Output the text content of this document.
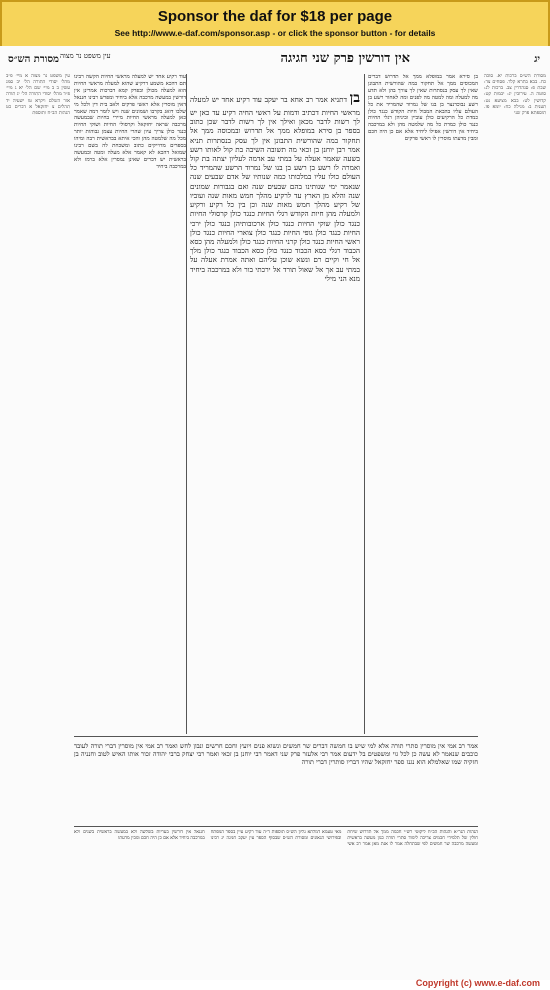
Sponsor the daf for $18 per page
See http://www.e-daf.com/sponsor.asp - or click the sponsor button - for details
יג
אין דורשין פרק שני חגיגה
עין משפט נר מצוה
מסורת הש״ס

בן דתניא אמר רב אחא בר יעקב עוד רקיע אחד יש למעלה מראשי החיות דכתיב ודמות על ראשי החיה רקיע עד כאן יש לך רשות לדבר מכאן ואילך אין לך רשות לדבר שכן כתוב בספר בן סירא במופלא ממך אל תדרוש ובמכוסה ממך אל תחקור במה שהורשית התבונן אין לך עסק בנסתרות תניא אמר רבן יוחנן בן זכאי מה תשובה השיבה בת קול לאותו רשע בשעה שאמר אעלה על במתי עב אדמה לעליון יצתה בת קול ואמרה לו רשע בן רשע בן בנו של נמרוד הרשע שהמריד כל העולם כולו עליו במלכותו כמה שנותיו של אדם שבעים שנה שנאמר ימי שנותינו בהם שבעים שנה ואם בגבורות שמונים שנה והלא מן הארץ עד לרקיע מהלך חמש מאות שנה ועוביו של רקיע מהלך חמש מאות שנה וכן בין כל רקיע ורקיע ולמעלה מהן חיות הקודש רגלי החיות כנגד כולן קרסולי החיות כנגד כולן שוקי החיות כנגד כולן ארכובותיהן כנגד כולן ירכי החיות כנגד כולן גופי החיות כנגד כולן צוארי החיות כנגד כולן ראשי החיות כנגד כולן קרני החיות כנגד כולן ולמעלה מהן כסא הכבוד רגלי כסא הכבוד כנגד כולן כסא הכבוד כנגד כולן מלך אל חי וקיים רם ונשא שוכן עליהם ואתה אמרת אעלה על במתי עב אך אל שאול תורד אל ירכתי בור ולא במרכבה ביחיד מנא הני מילי

בן סירא אמר במופלא ממך אל תדרוש דברים המכוסים ממך אל תחקור במה שהורשית התבונן שאין לך עסק בנסתרות שאין לך צורך בהן ולא תדע מה למעלה ומה למטה מה לפנים ומה לאחור רשע בן רשע נבוכדנצר בן בנו של נמרוד שהמריד את כל העולם עליו בהבאת המבול חיות הקודש כנגד כולן כמדת כל הרקיעים כולן עוביין וביניהן רגלי החיות כנגד כולן כמדת כל מה שלמטה מהן ולא במרכבה ביחיד אין דורשין אפילו ליחיד אלא אם כן היה חכם ומבין מדעתו מוסרין לו ראשי פרקים

עוד רקיע אחד יש למעלה מראשי החיות הקשה רבינו תם דהכא משמע דרקיע שהוא למעלה מראשי החיות הוא למעלה מכולן ובפרק קמא דברכות אמרינן אין דורשין במעשה מרכבה אלא ביחיד ומפרש רבינו חננאל דאין מוסרין אלא ראשי פרקים ולאב בית דין ולכל מי שלבו דואג בקרבו ושמונים שנה ויש לומר דמה שאמר כאן למעלה מראשי החיות מיירי בחיות שבמעשה מרכבה שראה יחזקאל וקרסולי החיות ושוקי החיות כנגד כולן צריך עיון שהרי החיות עצמן גבוהות יותר מכל מה שלמטה מהן והכי איתא בבראשית רבה ומיהו בספרים מדוייקים כתוב ומשכחת לה בשם רבינו שמואל דהכא לא קאמר אלא מעלה ומטה ובמעשה בראשית יש דברים שאינן נמסרין אלא ברמז ולא במרכבה ביחיד

מסורת הש״ס ברכות יא. סוכה כח. בבא בתרא קלד. פסחים צד: שבת פ: סנהדרין צב. ברכות לג: סוטה ה. עירובין יג: יבמות קט: קדושין לט: בבא מציעא נט: תענית ב: מגילה כח: יומא פז. תוספתא פרק שני

עין משפט נר מצוה א מיי׳ פ״ב מהל׳ יסודי התורה הל׳ יב סמג עשין ב ב מיי׳ שם הל׳ יא ג מיי׳ פ״ד מהל׳ יסודי התורה הל׳ יג תורה אור השלם ויקרא טז ישעיה יד תהלים צ יחזקאל א דברים כט הגהות הב״ח ותוספת

אמר רב אמי אין מוסרין סתרי תורה אלא למי שיש בו חמשה דברים שר חמשים ונשוא פנים ויועץ וחכם חרשים ונבון לחש ואמר רב אמי אין מוסרין דברי תורה לעובד כוכבים שנאמר לא עשה כן לכל גוי ומשפטים בל ידעום אמר רבי אלעזר פרק שני דאמר רבי יוחנן בן זכאי ואמר רבי יצחק ברבי יהודה זכור אותו האיש לטוב וחנניה בן חזקיה שמו שאלמלא הוא נגנז ספר יחזקאל שהיו דבריו סותרין דברי תורה

הגהות הגר״א והגהות הב״ח ליקוטי רש״י חכמה ממך אל תדרוש שיחת חולין של תלמידי חכמים צריכה לימוד סתרי תורה כגון מעשה בראשית ומעשה מרכבה שר חמשים לפי שבתחלה אמר לו אנת מאן אמר רב אשי מאי טעמא דמלתא גליון הש״ס תוספות ד״ה עוד רקיע עיין בספר המפתח ובפירושי הגאונים ומסורת הש״ס שבסוף הספר עין יעקב חגיגה יג רבינו חננאל אין דורשין בעריות בשלשה ולא במעשה בראשית בשנים ולא במרכבה ביחיד אלא אם כן היה חכם ומבין מדעתו

Copyright (c) www.e-daf.com
